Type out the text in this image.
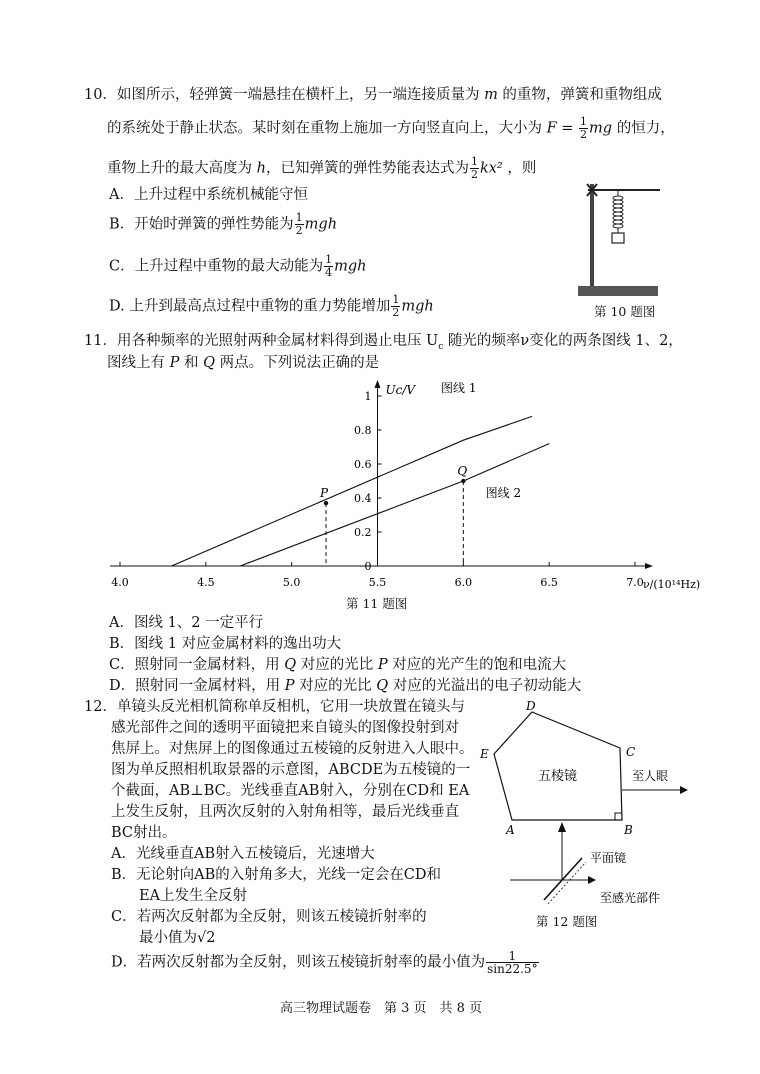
10．如图所示，轻弹簧一端悬挂在横杆上，另一端连接质量为 m 的重物，弹簧和重物组成
的系统处于静止状态。某时刻在重物上施加一方向竖直向上，大小为 $F = \frac{1}{2}$ mg 的恒力，
重物上升的最大高度为 h，已知弹簧的弹性势能表达式为 $\frac{1}{2} kx^2$ ，则
A．上升过程中系统机械能守恒
B．开始时弹簧的弹性势能为 $\frac{1}{2}$ mgh
C．上升过程中重物的最大动能为 $\frac{1}{4}$ mgh
D. 上升到最高点过程中重物的重力势能增加 $\frac{1}{2}$ mgh	第 10 题图
11．用各种频率的光照射两种金属材料得到遏止电压 $U_c$ 随光的频率ν变化的两条图线 1、2，
图线上有 P 和 Q 两点。下列说法正确的是
4.0	4.5	5.0	5.5	6.0	6.5	7.0
0
0.2
0.4
0.6
0.8
1 Uc/V
ν/(10¹⁴Hz)
图线 1
图线 2
P
Q
第 11 题图
A．图线 1、2 一定平行
B．图线 1 对应金属材料的逸出功大
C．照射同一金属材料，用 Q 对应的光比 P 对应的光产生的饱和电流大
D．照射同一金属材料，用 P 对应的光比 Q 对应的光溢出的电子初动能大
12．单镜头反光相机简称单反相机，它用一块放置在镜头与
感光部件之间的透明平面镜把来自镜头的图像投射到对
焦屏上。对焦屏上的图像通过五棱镜的反射进入人眼中。
图为单反照相机取景器的示意图，ABCDE为五棱镜的一
个截面，AB⊥BC。光线垂直AB射入，分别在CD和 EA
上发生反射，且两次反射的入射角相等，最后光线垂直
BC射出。
A．光线垂直AB射入五棱镜后，光速增大
B．无论射向AB的入射角多大，光线一定会在CD和
EA上发生全反射
C．若两次反射都为全反射，则该五棱镜折射率的
最小值为√2
D．若两次反射都为全反射，则该五棱镜折射率的最小值为 $\frac{1}{\sin 22.5^\circ}$
D
E	C
A	B
五棱镜	至人眼
平面镜
至感光部件
第 12 题图
高三物理试题卷　第 3 页　共 8 页
